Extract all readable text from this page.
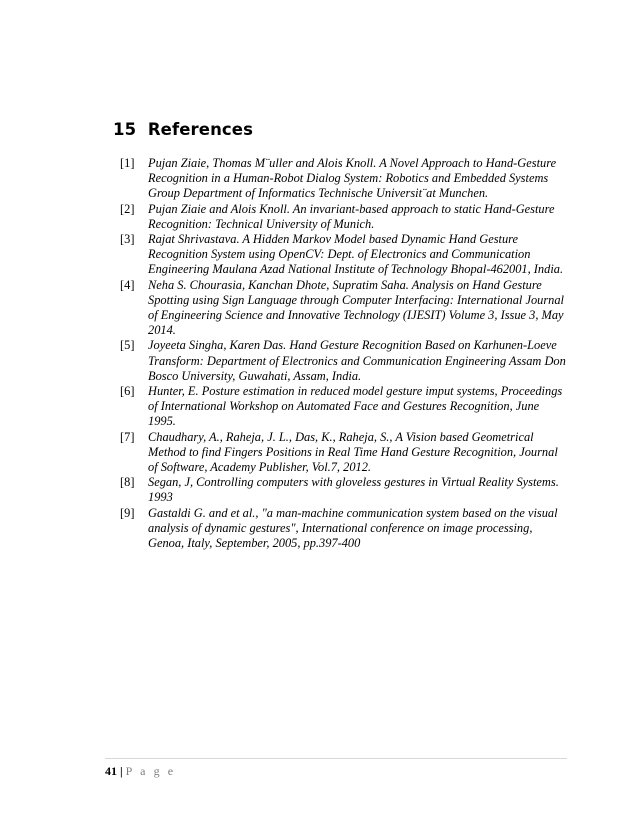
15 References
[1]	Pujan Ziaie, Thomas M¨uller and Alois Knoll. A Novel Approach to Hand-Gesture Recognition in a Human-Robot Dialog System: Robotics and Embedded Systems Group Department of Informatics Technische Universit¨at Munchen.
[2]	Pujan Ziaie and Alois Knoll. An invariant-based approach to static Hand-Gesture Recognition: Technical University of Munich.
[3]	Rajat Shrivastava. A Hidden Markov Model based Dynamic Hand Gesture Recognition System using OpenCV: Dept. of Electronics and Communication Engineering Maulana Azad National Institute of Technology Bhopal-462001, India.
[4]	Neha S. Chourasia, Kanchan Dhote, Supratim Saha. Analysis on Hand Gesture Spotting using Sign Language through Computer Interfacing: International Journal of Engineering Science and Innovative Technology (IJESIT) Volume 3, Issue 3, May 2014.
[5]	Joyeeta Singha, Karen Das. Hand Gesture Recognition Based on Karhunen-Loeve Transform: Department of Electronics and Communication Engineering Assam Don Bosco University, Guwahati, Assam, India.
[6]	Hunter, E. Posture estimation in reduced model gesture imput systems, Proceedings of International Workshop on Automated Face and Gestures Recognition, June 1995.
[7]	Chaudhary, A., Raheja, J. L., Das, K., Raheja, S., A Vision based Geometrical Method to find Fingers Positions in Real Time Hand Gesture Recognition, Journal of Software, Academy Publisher, Vol.7, 2012.
[8]	Segan, J, Controlling computers with gloveless gestures in Virtual Reality Systems. 1993
[9]	Gastaldi G. and et al., "a man-machine communication system based on the visual analysis of dynamic gestures", International conference on image processing, Genoa, Italy, September, 2005, pp.397-400
41 | P a g e
